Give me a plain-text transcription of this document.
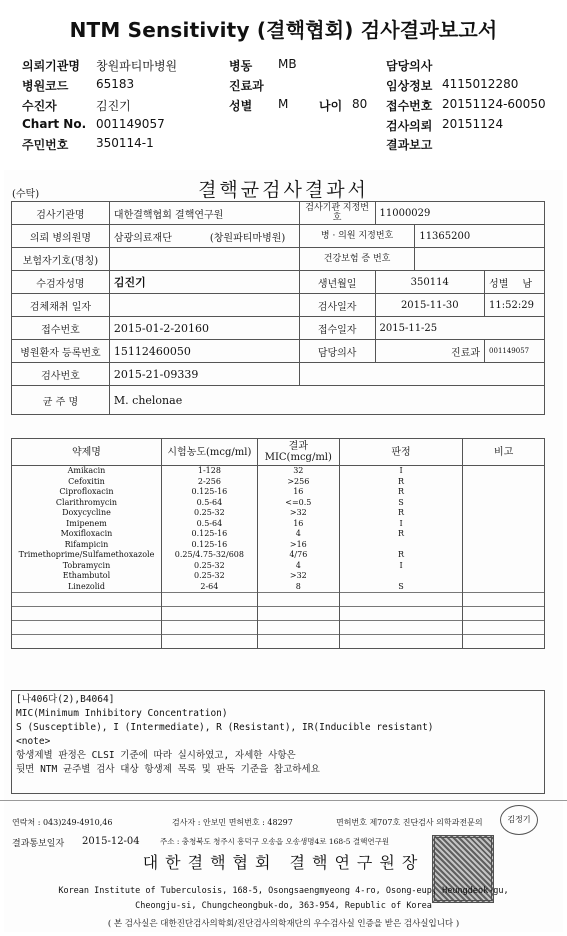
NTM Sensitivity (결핵협회) 검사결과보고서
의뢰기관명 창원파티마병원	병동 MB	담당의사
병원코드 65183	진료과	임상정보 4115012280
수진자	김진기	성별 M	나이 80 접수번호 20151124-60050
Chart No. 001149057	검사의뢰 20151124
주민번호 350114-1	결과보고
(수탁)	결핵균검사결과서
검사기관명	대한결핵협회 결핵연구원	검사기관 지정번호	11000029		
의뢰 병의원명	삼광의료재단 (창원파티마병원)	병 · 의원 지정번호		11365200	
보험자기호(명칭)		건강보험 증 번호			
수검자성명	김진기	생년월일	350114		성별 남
검체채취 일자		검사일자	2015-11-30		11:52:29
접수번호	2015-01-2-20160	접수일자	2015-11-25		
병원환자 등록번호	15112460050	담당의사	진료과		001149057
검사번호	2015-21-09339				
균 주 명	M. chelonae				
약제명	시험농도(mcg/ml)	결과 MIC(mcg/ml)	판정	비고
Amikacin	1-128	32	I	
Cefoxitin	2-256	>256	R	
Ciprofloxacin	0.125-16	16	R	
Clarithromycin	0.5-64	<=0.5	S	
Doxycycline	0.25-32	>32	R	
Imipenem	0.5-64	16	I	
Moxifloxacin	0.125-16	4	R	
Rifampicin	0.125-16	>16		
Trimethoprime/Sulfamethoxazole	0.25/4.75-32/608	4/76	R	
Tobramycin	0.25-32	4	I	
Ethambutol	0.25-32	>32		
Linezolid	2-64	8	S	

[나406다(2),B4064]
MIC(Minimum Inhibitory Concentration)
S (Susceptible), I (Intermediate), R (Resistant), IR(Inducible resistant)
<note>
항생제별 판정은 CLSI 기준에 따라 실시하였고, 자세한 사항은
뒷면 NTM 균주별 검사 대상 항생제 목록 및 판독 기준을 참고하세요
연락처 : 043)249-4910,46	검사자 : 안보민 면허번호 : 48297	면허번호 제707호 진단검사 의학과전문의	김정기
결과통보일자 2015-12-04	주소 : 충청북도 청주시 흥덕구 오송읍 오송생명4로 168-5 결핵연구원
대한결핵협회 결핵연구원장
Korean Institute of Tuberculosis, 168-5, Osongsaengmyeong 4-ro, Osong-eup, Heungdeok-gu,
Cheongju-si, Chungcheongbuk-do, 363-954, Republic of Korea
( 본 검사실은 대한진단검사의학회/진단검사의학재단의 우수검사실 인증을 받은 검사실입니다 )
